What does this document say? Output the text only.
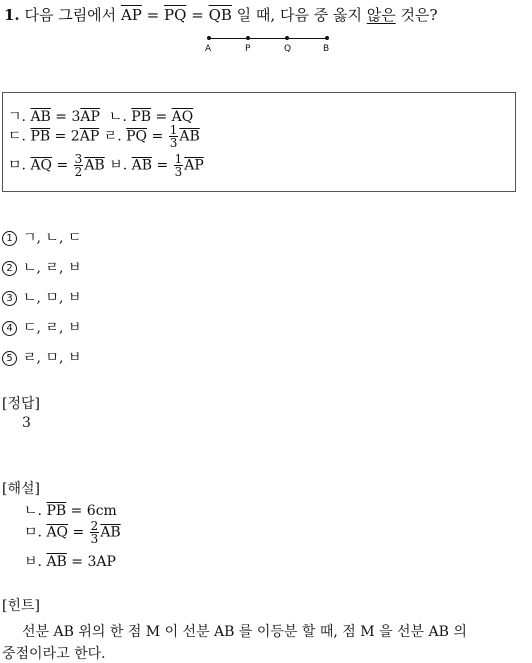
1. 다음 그림에서 $\overline{AP} = \overline{PQ} = \overline{QB}$ 일 때, 다음 중 옳지 않은 것은?
A	P	Q	B
ㄱ. $\overline{AB} = 3\overline{AP}$ ㄴ. $\overline{PB} = \overline{AQ}$
ㄷ. $\overline{PB} = 2\overline{AP}$ ㄹ. $\overline{PQ} = \frac{1}{3} \overline{AB}$
ㅁ. $\overline{AQ} = \frac{3}{2} \overline{AB}$ ㅂ. $\overline{AB} = \frac{1}{3} \overline{AP}$
1 ㄱ, ㄴ, ㄷ
2 ㄴ, ㄹ, ㅂ
3 ㄴ, ㅁ, ㅂ
4 ㄷ, ㄹ, ㅂ
5 ㄹ, ㅁ, ㅂ
[정답]
3
[해설]
ㄴ. $\overline{PB} = 6cm$
ㅁ. $\overline{AQ} = \frac{2}{3} \overline{AB}$
ㅂ. $\overline{AB} = 3AP$
[힌트]
선분 AB 위의 한 점 M 이 선분 AB 를 이등분 할 때, 점 M 을 선분 AB 의
중점이라고 한다.
